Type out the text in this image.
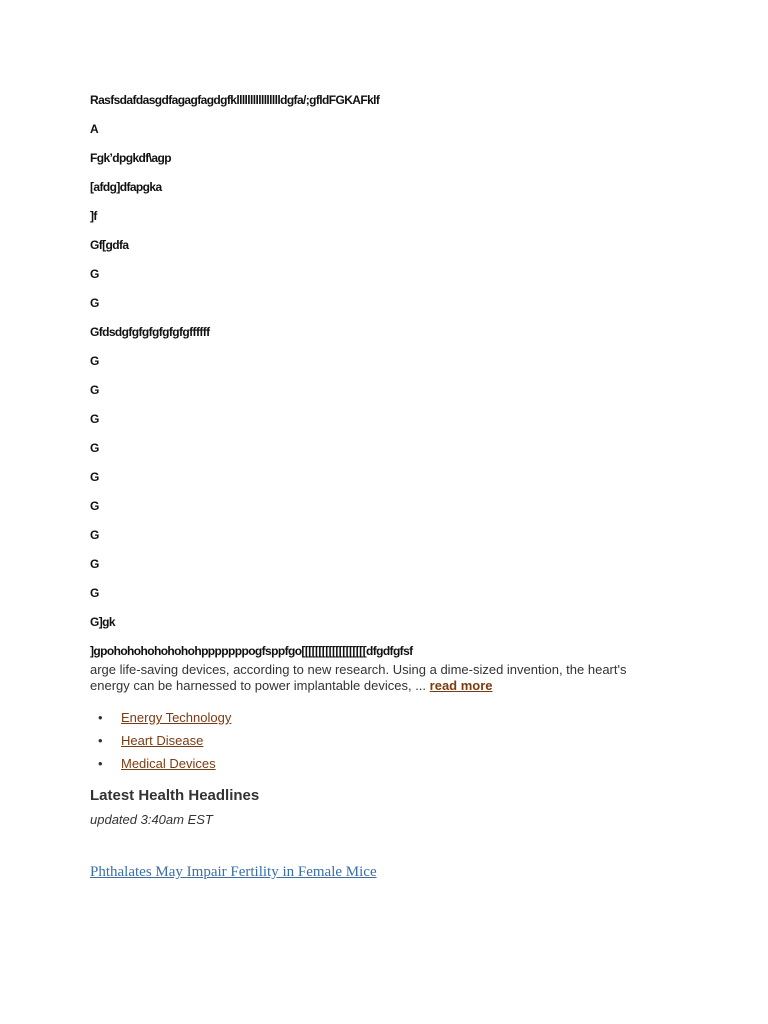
Rasfsdafdasgdfagagfagdgfklllllllllllllllldgfa/;gfldFGKAFklf
A
Fgk’dpgkdf\agp
[afdg]dfapgka
]f
Gf[gdfa
G
G
Gfdsdgfgfgfgfgfgfgffffff
G
G
G
G
G
G
G
G
G
G]gk
]gpohohohohohohohpppppppogfsppfgo[[[[[[[[[[[[[[[[[[[dfgdfgfsf
arge life-saving devices, according to new research. Using a dime-sized invention, the heart's energy can be harnessed to power implantable devices, ... read more
• Energy Technology
• Heart Disease
• Medical Devices
Latest Health Headlines
updated 3:40am EST
Phthalates May Impair Fertility in Female Mice
